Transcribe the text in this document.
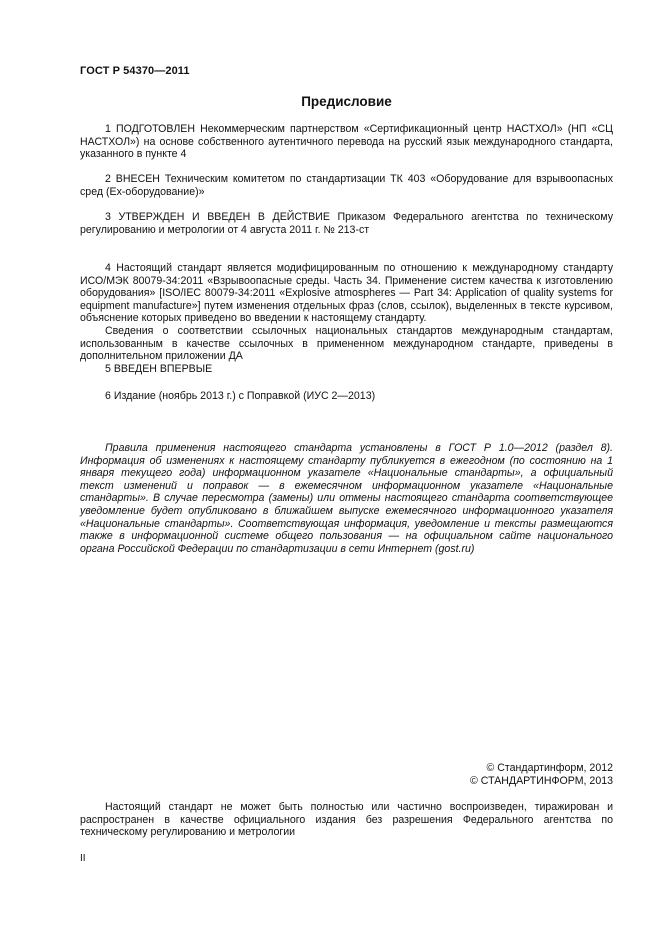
ГОСТ Р 54370—2011
Предисловие

1 ПОДГОТОВЛЕН Некоммерческим партнерством «Сертификационный центр НАСТХОЛ» (НП «СЦ НАСТХОЛ») на основе собственного аутентичного перевода на русский язык международного стандарта, указанного в пункте 4

2 ВНЕСЕН Техническим комитетом по стандартизации ТК 403 «Оборудование для взрывоопасных сред (Ех-оборудование)»

3 УТВЕРЖДЕН И ВВЕДЕН В ДЕЙСТВИЕ Приказом Федерального агентства по техническому регулированию и метрологии от 4 августа 2011 г. № 213-ст

4 Настоящий стандарт является модифицированным по отношению к международному стандарту ИСО/МЭК 80079-34:2011 «Взрывоопасные среды. Часть 34. Применение систем качества к изготовлению оборудования» [ISO/IEC 80079-34:2011 «Explosive atmospheres — Part 34: Application of quality systems for equipment manufacture»] путем изменения отдельных фраз (слов, ссылок), выделенных в тексте курсивом, объяснение которых приведено во введении к настоящему стандарту.

Сведения о соответствии ссылочных национальных стандартов международным стандартам, использованным в качестве ссылочных в примененном международном стандарте, приведены в дополнительном приложении ДА

5 ВВЕДЕН ВПЕРВЫЕ

6 Издание (ноябрь 2013 г.) с Поправкой (ИУС 2—2013)

Правила применения настоящего стандарта установлены в ГОСТ Р 1.0—2012 (раздел 8). Информация об изменениях к настоящему стандарту публикуется в ежегодном (по состоянию на 1 января текущего года) информационном указателе «Национальные стандарты», а официальный текст изменений и поправок — в ежемесячном информационном указателе «Национальные стандарты». В случае пересмотра (замены) или отмены настоящего стандарта соответствующее уведомление будет опубликовано в ближайшем выпуске ежемесячного информационного указателя «Национальные стандарты». Соответствующая информация, уведомление и тексты размещаются также в информационной системе общего пользования — на официальном сайте национального органа Российской Федерации по стандартизации в сети Интернет (gost.ru)

© Стандартинформ, 2012
© СТАНДАРТИНФОРМ, 2013

Настоящий стандарт не может быть полностью или частично воспроизведен, тиражирован и распространен в качестве официального издания без разрешения Федерального агентства по техническому регулированию и метрологии

II
